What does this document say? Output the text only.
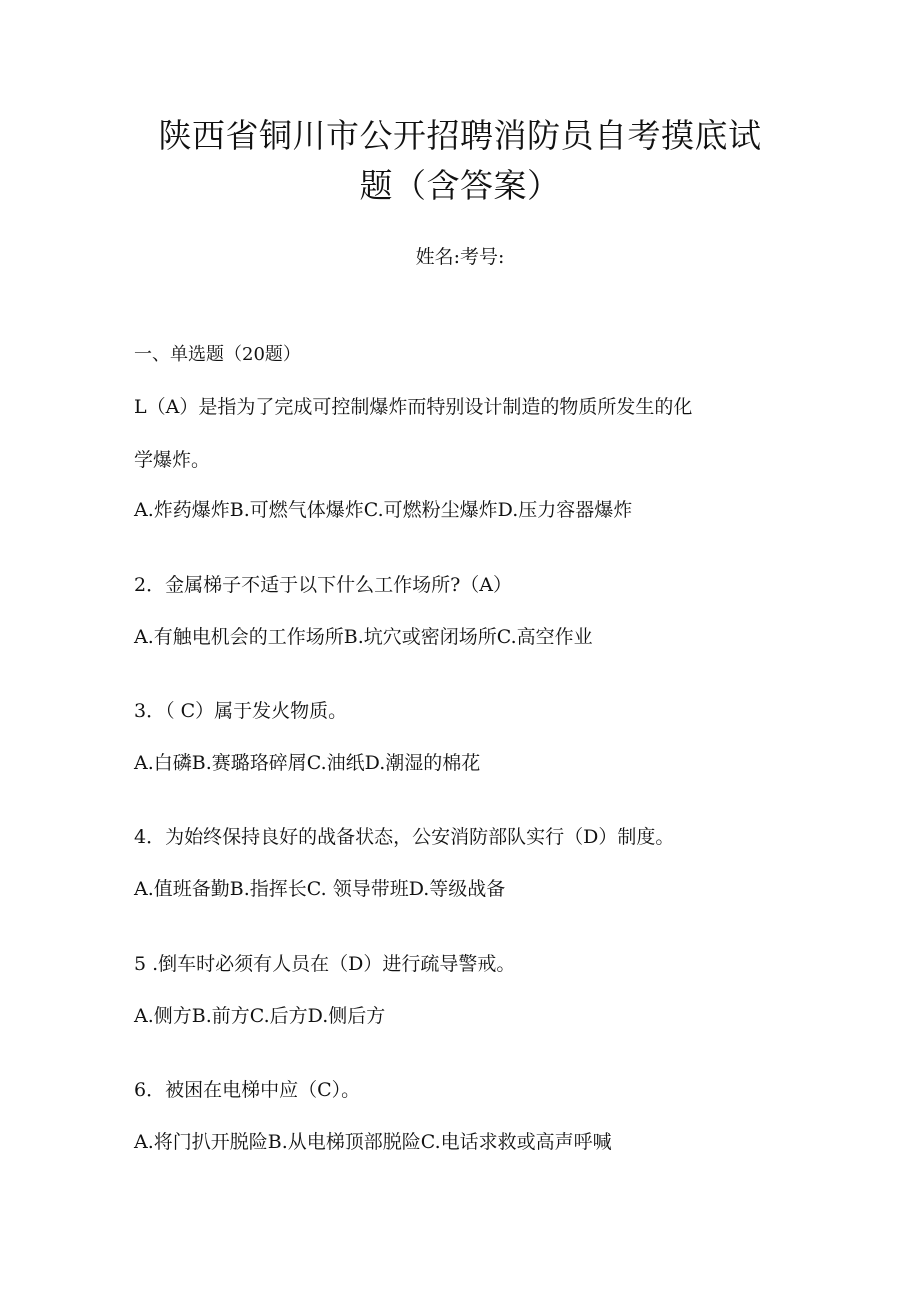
陕西省铜川市公开招聘消防员自考摸底试
题（含答案）
姓名:考号:

一、单选题（20题）

L（A）是指为了完成可控制爆炸而特别设计制造的物质所发生的化

学爆炸。

A.炸药爆炸B.可燃气体爆炸C.可燃粉尘爆炸D.压力容器爆炸

2．金属梯子不适于以下什么工作场所?（A）

A.有触电机会的工作场所B.坑穴或密闭场所C.高空作业

3．（ C）属于发火物质。

A.白磷B.赛璐珞碎屑C.油纸D.潮湿的棉花

4．为始终保持良好的战备状态，公安消防部队实行（D）制度。

A.值班备勤B.指挥长C. 领导带班D.等级战备

5 .倒车时必须有人员在（D）进行疏导警戒。

A.侧方B.前方C.后方D.侧后方

6．被困在电梯中应（C）。

A.将门扒开脱险B.从电梯顶部脱险C.电话求救或高声呼喊
